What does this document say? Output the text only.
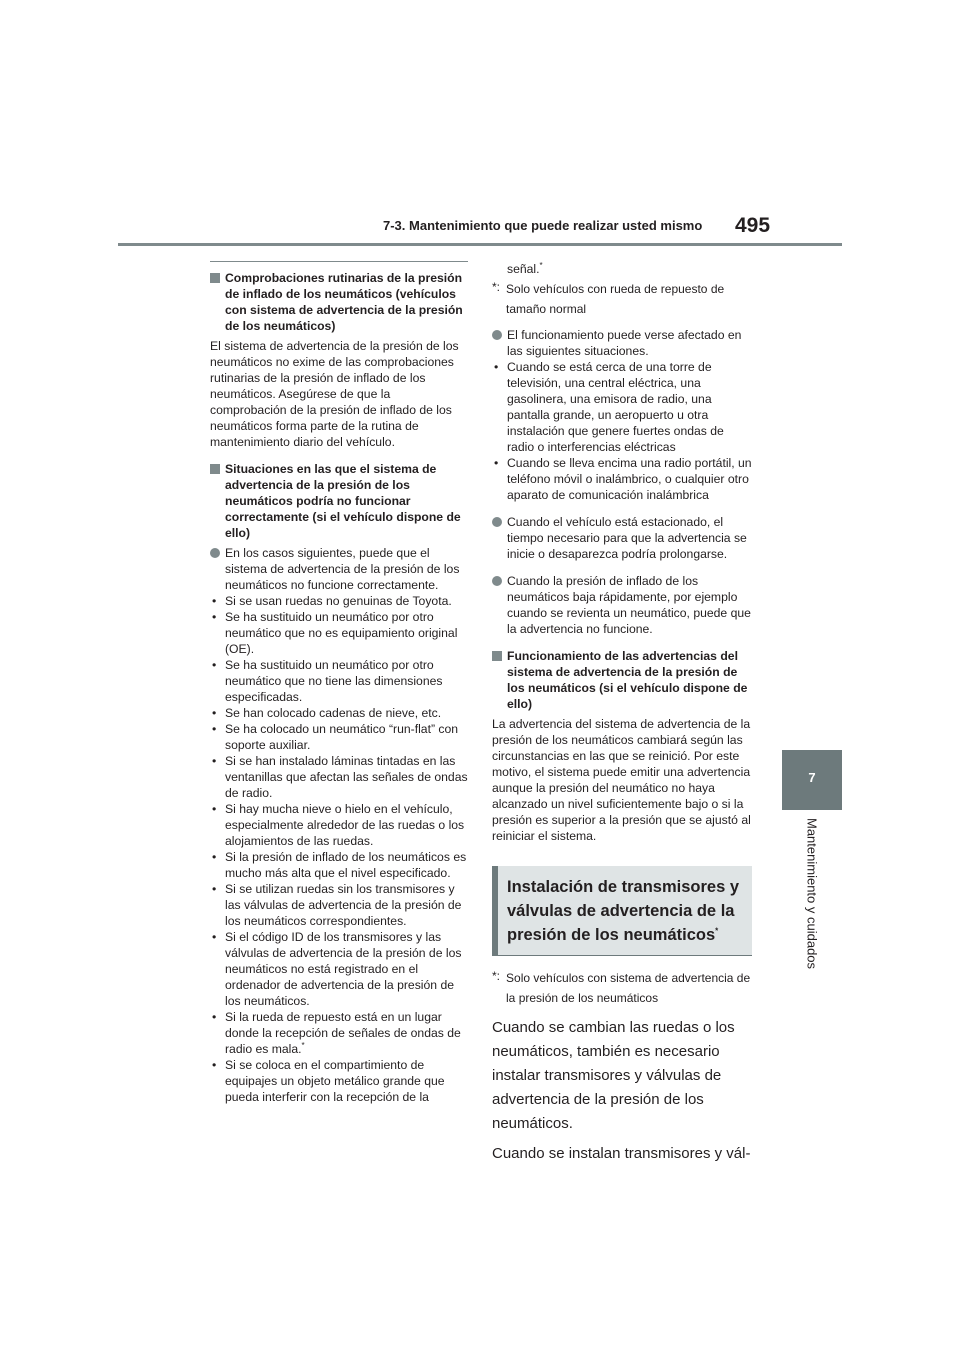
7-3. Mantenimiento que puede realizar usted mismo 495
7
Mantenimiento y cuidados
Comprobaciones rutinarias de la presión de inflado de los neumáticos (vehículos con sistema de advertencia de la presión de los neumáticos)
El sistema de advertencia de la presión de los neumáticos no exime de las comprobaciones rutinarias de la presión de inflado de los neumáticos. Asegúrese de que la comprobación de la presión de inflado de los neumáticos forma parte de la rutina de mantenimiento diario del vehículo.
Situaciones en las que el sistema de advertencia de la presión de los neumáticos podría no funcionar correctamente (si el vehículo dispone de ello)
En los casos siguientes, puede que el sistema de advertencia de la presión de los neumáticos no funcione correctamente.
• Si se usan ruedas no genuinas de Toyota.
• Se ha sustituido un neumático por otro neumático que no es equipamiento original (OE).
• Se ha sustituido un neumático por otro neumático que no tiene las dimensiones especificadas.
• Se han colocado cadenas de nieve, etc.
• Se ha colocado un neumático “run-flat” con soporte auxiliar.
• Si se han instalado láminas tintadas en las ventanillas que afectan las señales de ondas de radio.
• Si hay mucha nieve o hielo en el vehículo, especialmente alrededor de las ruedas o los alojamientos de las ruedas.
• Si la presión de inflado de los neumáticos es mucho más alta que el nivel especificado.
• Si se utilizan ruedas sin los transmisores y las válvulas de advertencia de la presión de los neumáticos correspondientes.
• Si el código ID de los transmisores y las válvulas de advertencia de la presión de los neumáticos no está registrado en el ordenador de advertencia de la presión de los neumáticos.
• Si la rueda de repuesto está en un lugar donde la recepción de señales de ondas de radio es mala.*
• Si se coloca en el compartimiento de equipajes un objeto metálico grande que pueda interferir con la recepción de la
señal.*
*: Solo vehículos con rueda de repuesto de tamaño normal
El funcionamiento puede verse afectado en las siguientes situaciones.
• Cuando se está cerca de una torre de televisión, una central eléctrica, una gasolinera, una emisora de radio, una pantalla grande, un aeropuerto u otra instalación que genere fuertes ondas de radio o interferencias eléctricas
• Cuando se lleva encima una radio portátil, un teléfono móvil o inalámbrico, o cualquier otro aparato de comunicación inalámbrica
Cuando el vehículo está estacionado, el tiempo necesario para que la advertencia se inicie o desaparezca podría prolongarse.
Cuando la presión de inflado de los neumáticos baja rápidamente, por ejemplo cuando se revienta un neumático, puede que la advertencia no funcione.
Funcionamiento de las advertencias del sistema de advertencia de la presión de los neumáticos (si el vehículo dispone de ello)
La advertencia del sistema de advertencia de la presión de los neumáticos cambiará según las circunstancias en las que se reinició. Por este motivo, el sistema puede emitir una advertencia aunque la presión del neumático no haya alcanzado un nivel suficientemente bajo o si la presión es superior a la presión que se ajustó al reiniciar el sistema.
Instalación de transmisores y válvulas de advertencia de la presión de los neumáticos*
*: Solo vehículos con sistema de advertencia de la presión de los neumáticos
Cuando se cambian las ruedas o los neumáticos, también es necesario instalar transmisores y válvulas de advertencia de la presión de los neumáticos.
Cuando se instalan transmisores y vál-
